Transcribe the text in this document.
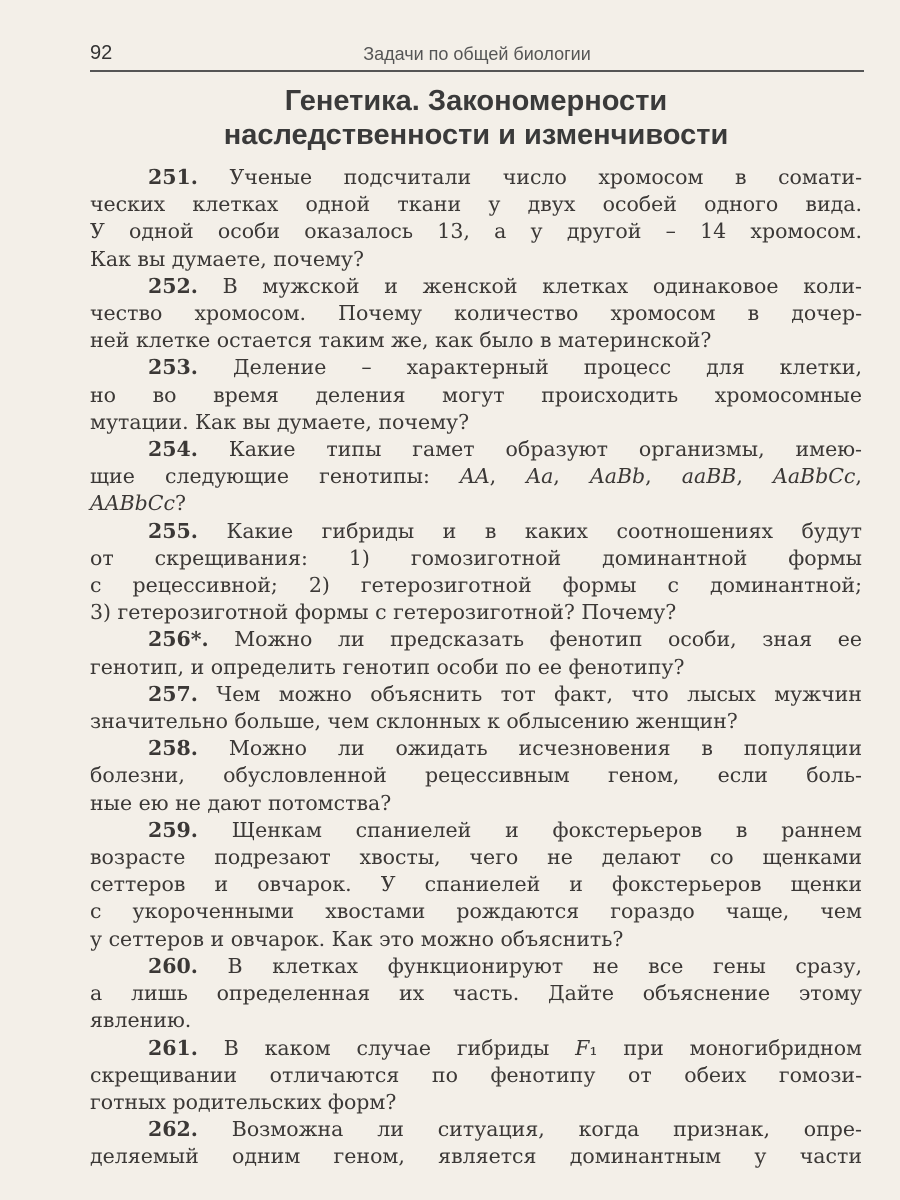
92	Задачи по общей биологии
Генетика. Закономерности
наследственности и изменчивости
251. Ученые подсчитали число хромосом в сомати-
ческих клетках одной ткани у двух особей одного вида.
У одной особи оказалось 13, а у другой – 14 хромосом.
Как вы думаете, почему?
252. В мужской и женской клетках одинаковое коли-
чество хромосом. Почему количество хромосом в дочер-
ней клетке остается таким же, как было в материнской?
253. Деление – характерный процесс для клетки,
но во время деления могут происходить хромосомные
мутации. Как вы думаете, почему?
254. Какие типы гамет образуют организмы, имею-
щие следующие генотипы: AA, Aa, AaBb, aaBB, AaBbCc,
AABbCc?
255. Какие гибриды и в каких соотношениях будут
от скрещивания: 1) гомозиготной доминантной формы
с рецессивной; 2) гетерозиготной формы с доминантной;
3) гетерозиготной формы с гетерозиготной? Почему?
256*. Можно ли предсказать фенотип особи, зная ее
генотип, и определить генотип особи по ее фенотипу?
257. Чем можно объяснить тот факт, что лысых мужчин
значительно больше, чем склонных к облысению женщин?
258. Можно ли ожидать исчезновения в популяции
болезни, обусловленной рецессивным геном, если боль-
ные ею не дают потомства?
259. Щенкам спаниелей и фокстерьеров в раннем
возрасте подрезают хвосты, чего не делают со щенками
сеттеров и овчарок. У спаниелей и фокстерьеров щенки
с укороченными хвостами рождаются гораздо чаще, чем
у сеттеров и овчарок. Как это можно объяснить?
260. В клетках функционируют не все гены сразу,
а лишь определенная их часть. Дайте объяснение этому
явлению.
261. В каком случае гибриды F₁ при моногибридном
скрещивании отличаются по фенотипу от обеих гомози-
готных родительских форм?
262. Возможна ли ситуация, когда признак, опре-
деляемый одним геном, является доминантным у части
